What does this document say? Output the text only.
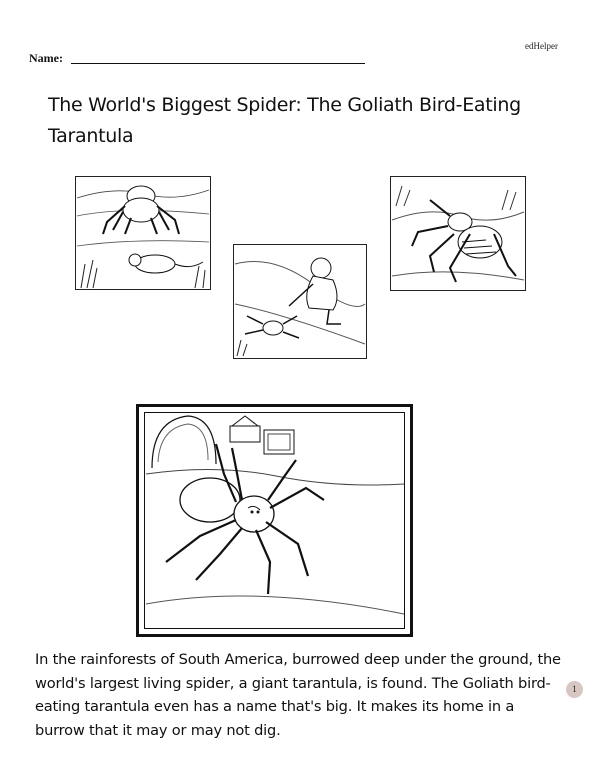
edHelper
Name:
The World's Biggest Spider: The Goliath Bird-Eating Tarantula
In the rainforests of South America, burrowed deep under the ground, the world's largest living spider, a giant tarantula, is found. The Goliath bird-eating tarantula even has a name that's big. It makes its home in a burrow that it may or may not dig.
1
